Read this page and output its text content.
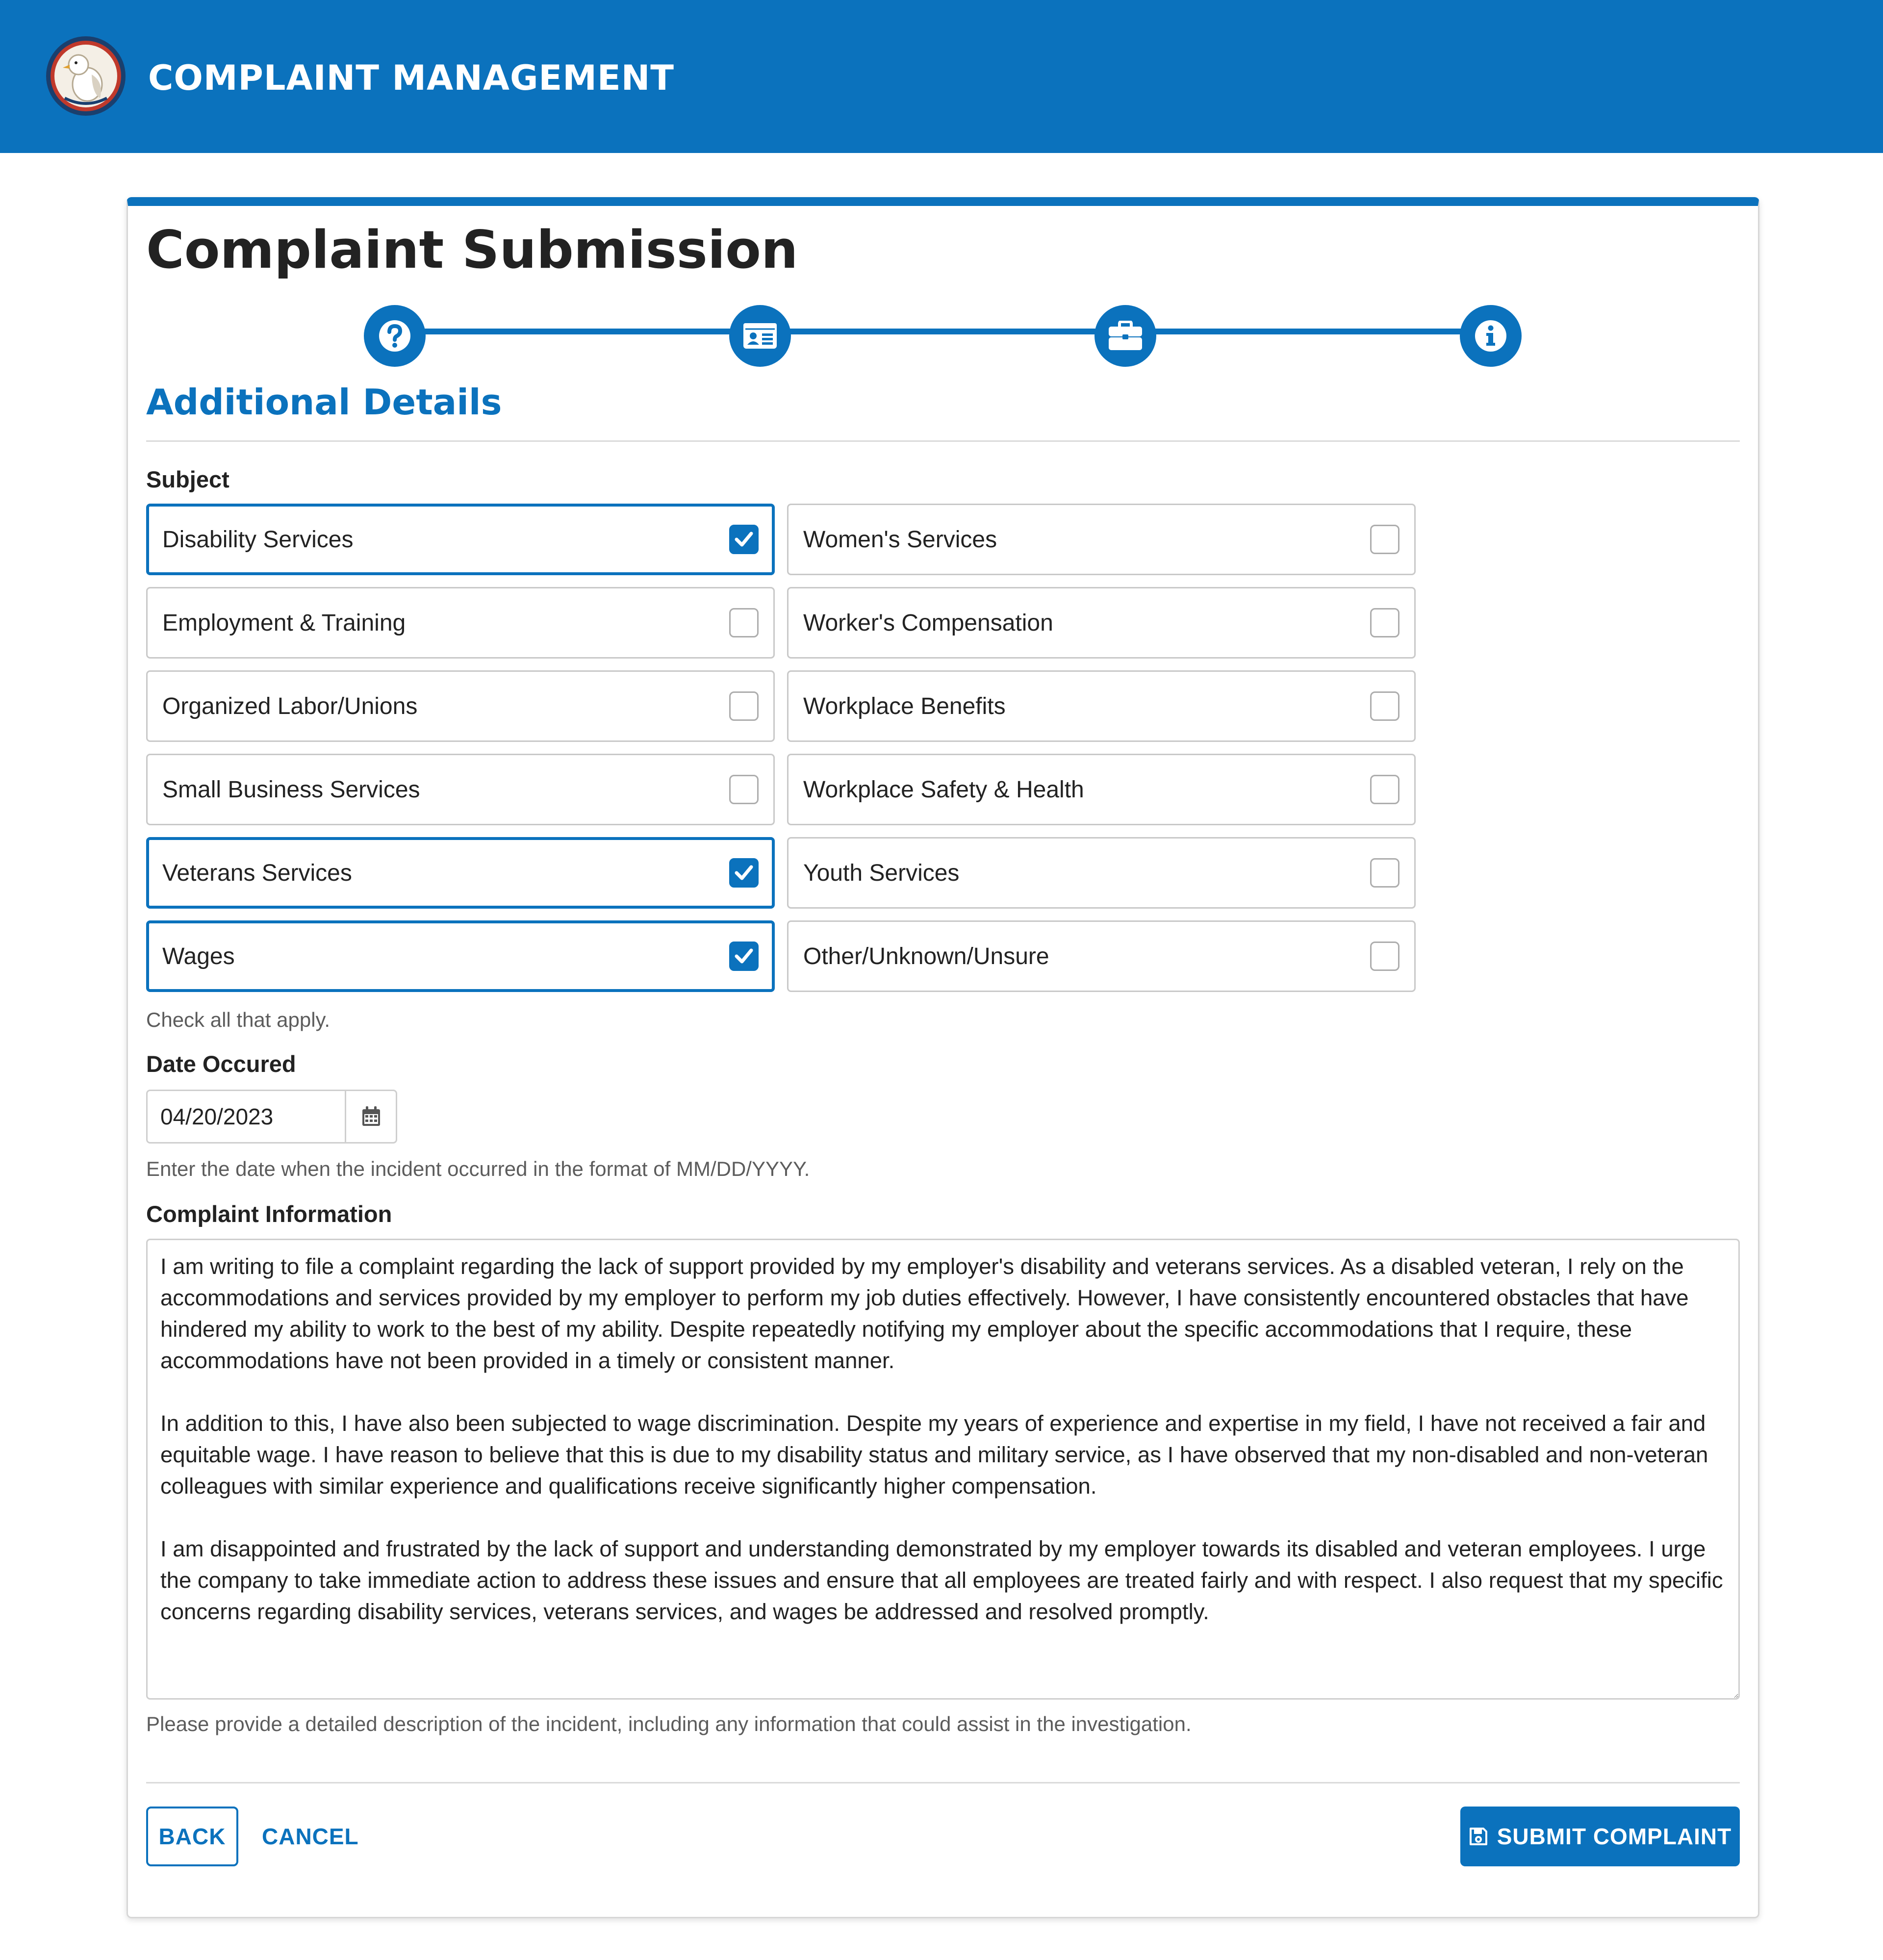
COMPLAINT MANAGEMENT
Complaint Submission
Additional Details
Subject
Disability Services
Employment & Training
Organized Labor/Unions
Small Business Services
Veterans Services
Wages
Women's Services
Worker's Compensation
Workplace Benefits
Workplace Safety & Health
Youth Services
Other/Unknown/Unsure
Check all that apply.
Date Occured
04/20/2023
Enter the date when the incident occurred in the format of MM/DD/YYYY.
Complaint Information
I am writing to file a complaint regarding the lack of support provided by my employer's disability and veterans services. As a disabled veteran, I rely on the accommodations and services provided by my employer to perform my job duties effectively. However, I have consistently encountered obstacles that have hindered my ability to work to the best of my ability. Despite repeatedly notifying my employer about the specific accommodations that I require, these accommodations have not been provided in a timely or consistent manner. In addition to this, I have also been subjected to wage discrimination. Despite my years of experience and expertise in my field, I have not received a fair and equitable wage. I have reason to believe that this is due to my disability status and military service, as I have observed that my non-disabled and non-veteran colleagues with similar experience and qualifications receive significantly higher compensation. I am disappointed and frustrated by the lack of support and understanding demonstrated by my employer towards its disabled and veteran employees. I urge the company to take immediate action to address these issues and ensure that all employees are treated fairly and with respect. I also request that my specific concerns regarding disability services, veterans services, and wages be addressed and resolved promptly.
Please provide a detailed description of the incident, including any information that could assist in the investigation.
BACK	CANCEL	SUBMIT COMPLAINT
